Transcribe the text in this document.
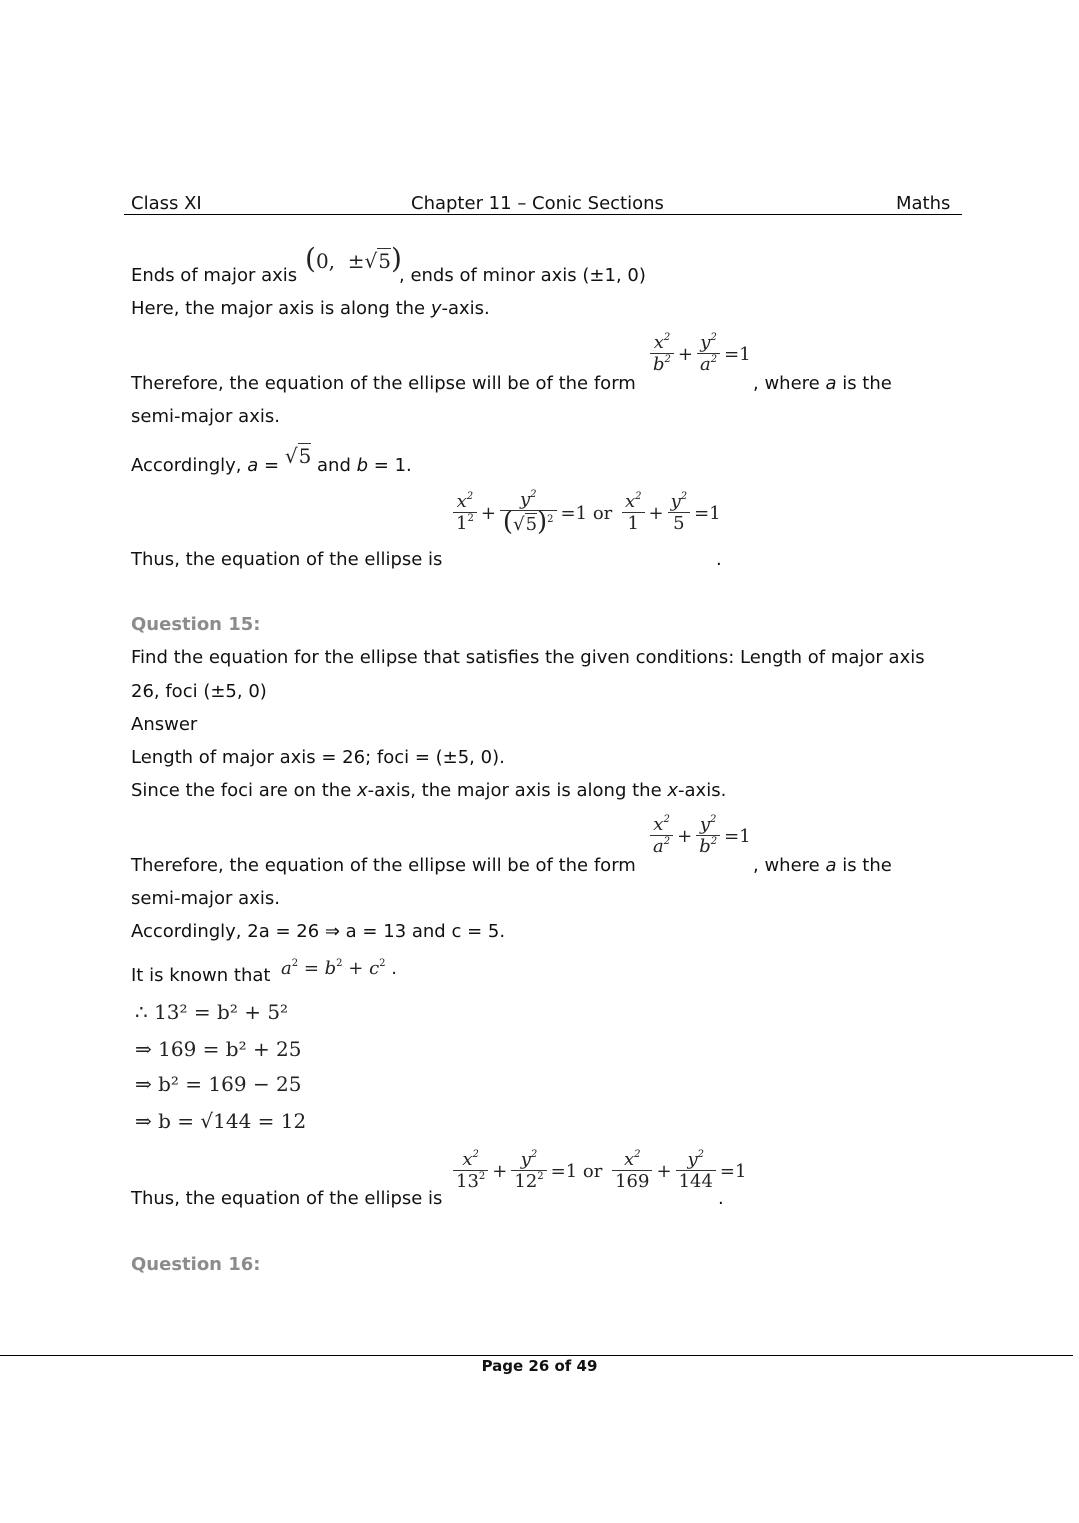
Class XI	Chapter 11 – Conic Sections	Maths
Ends of major axis
(0,  ±√5)
, ends of minor axis (±1, 0)
Here, the major axis is along the y-axis.
Therefore, the equation of the ellipse will be of the form
$\frac{x^2}{b^2} + \frac{y^2}{a^2} =1$
, where a is the
semi-major axis.
Accordingly, a = √5 and b = 1.
Thus, the equation of the ellipse is
$\frac{x^2}{1^2} + \frac{y^2}{(√5)^2} =1$ or $\frac{x^2}{1} + \frac{y^2}{5} =1$
.
Question 15:
Find the equation for the ellipse that satisfies the given conditions: Length of major axis
26, foci (±5, 0)
Answer
Length of major axis = 26; foci = (±5, 0).
Since the foci are on the x-axis, the major axis is along the x-axis.
Therefore, the equation of the ellipse will be of the form
$\frac{x^2}{a^2} + \frac{y^2}{b^2} =1$
, where a is the
semi-major axis.
Accordingly, 2a = 26 ⇒ a = 13 and c = 5.
It is known that $a^2 = b^2 + c^2$ .
∴ 13² = b² + 5²
⇒ 169 = b² + 25
⇒ b² = 169 − 25
⇒ b = √144 = 12
Thus, the equation of the ellipse is
$\frac{x^2}{13^2} + \frac{y^2}{12^2} =1$ or $\frac{x^2}{169} + \frac{y^2}{144} =1$
.
Question 16:
Page 26 of 49
